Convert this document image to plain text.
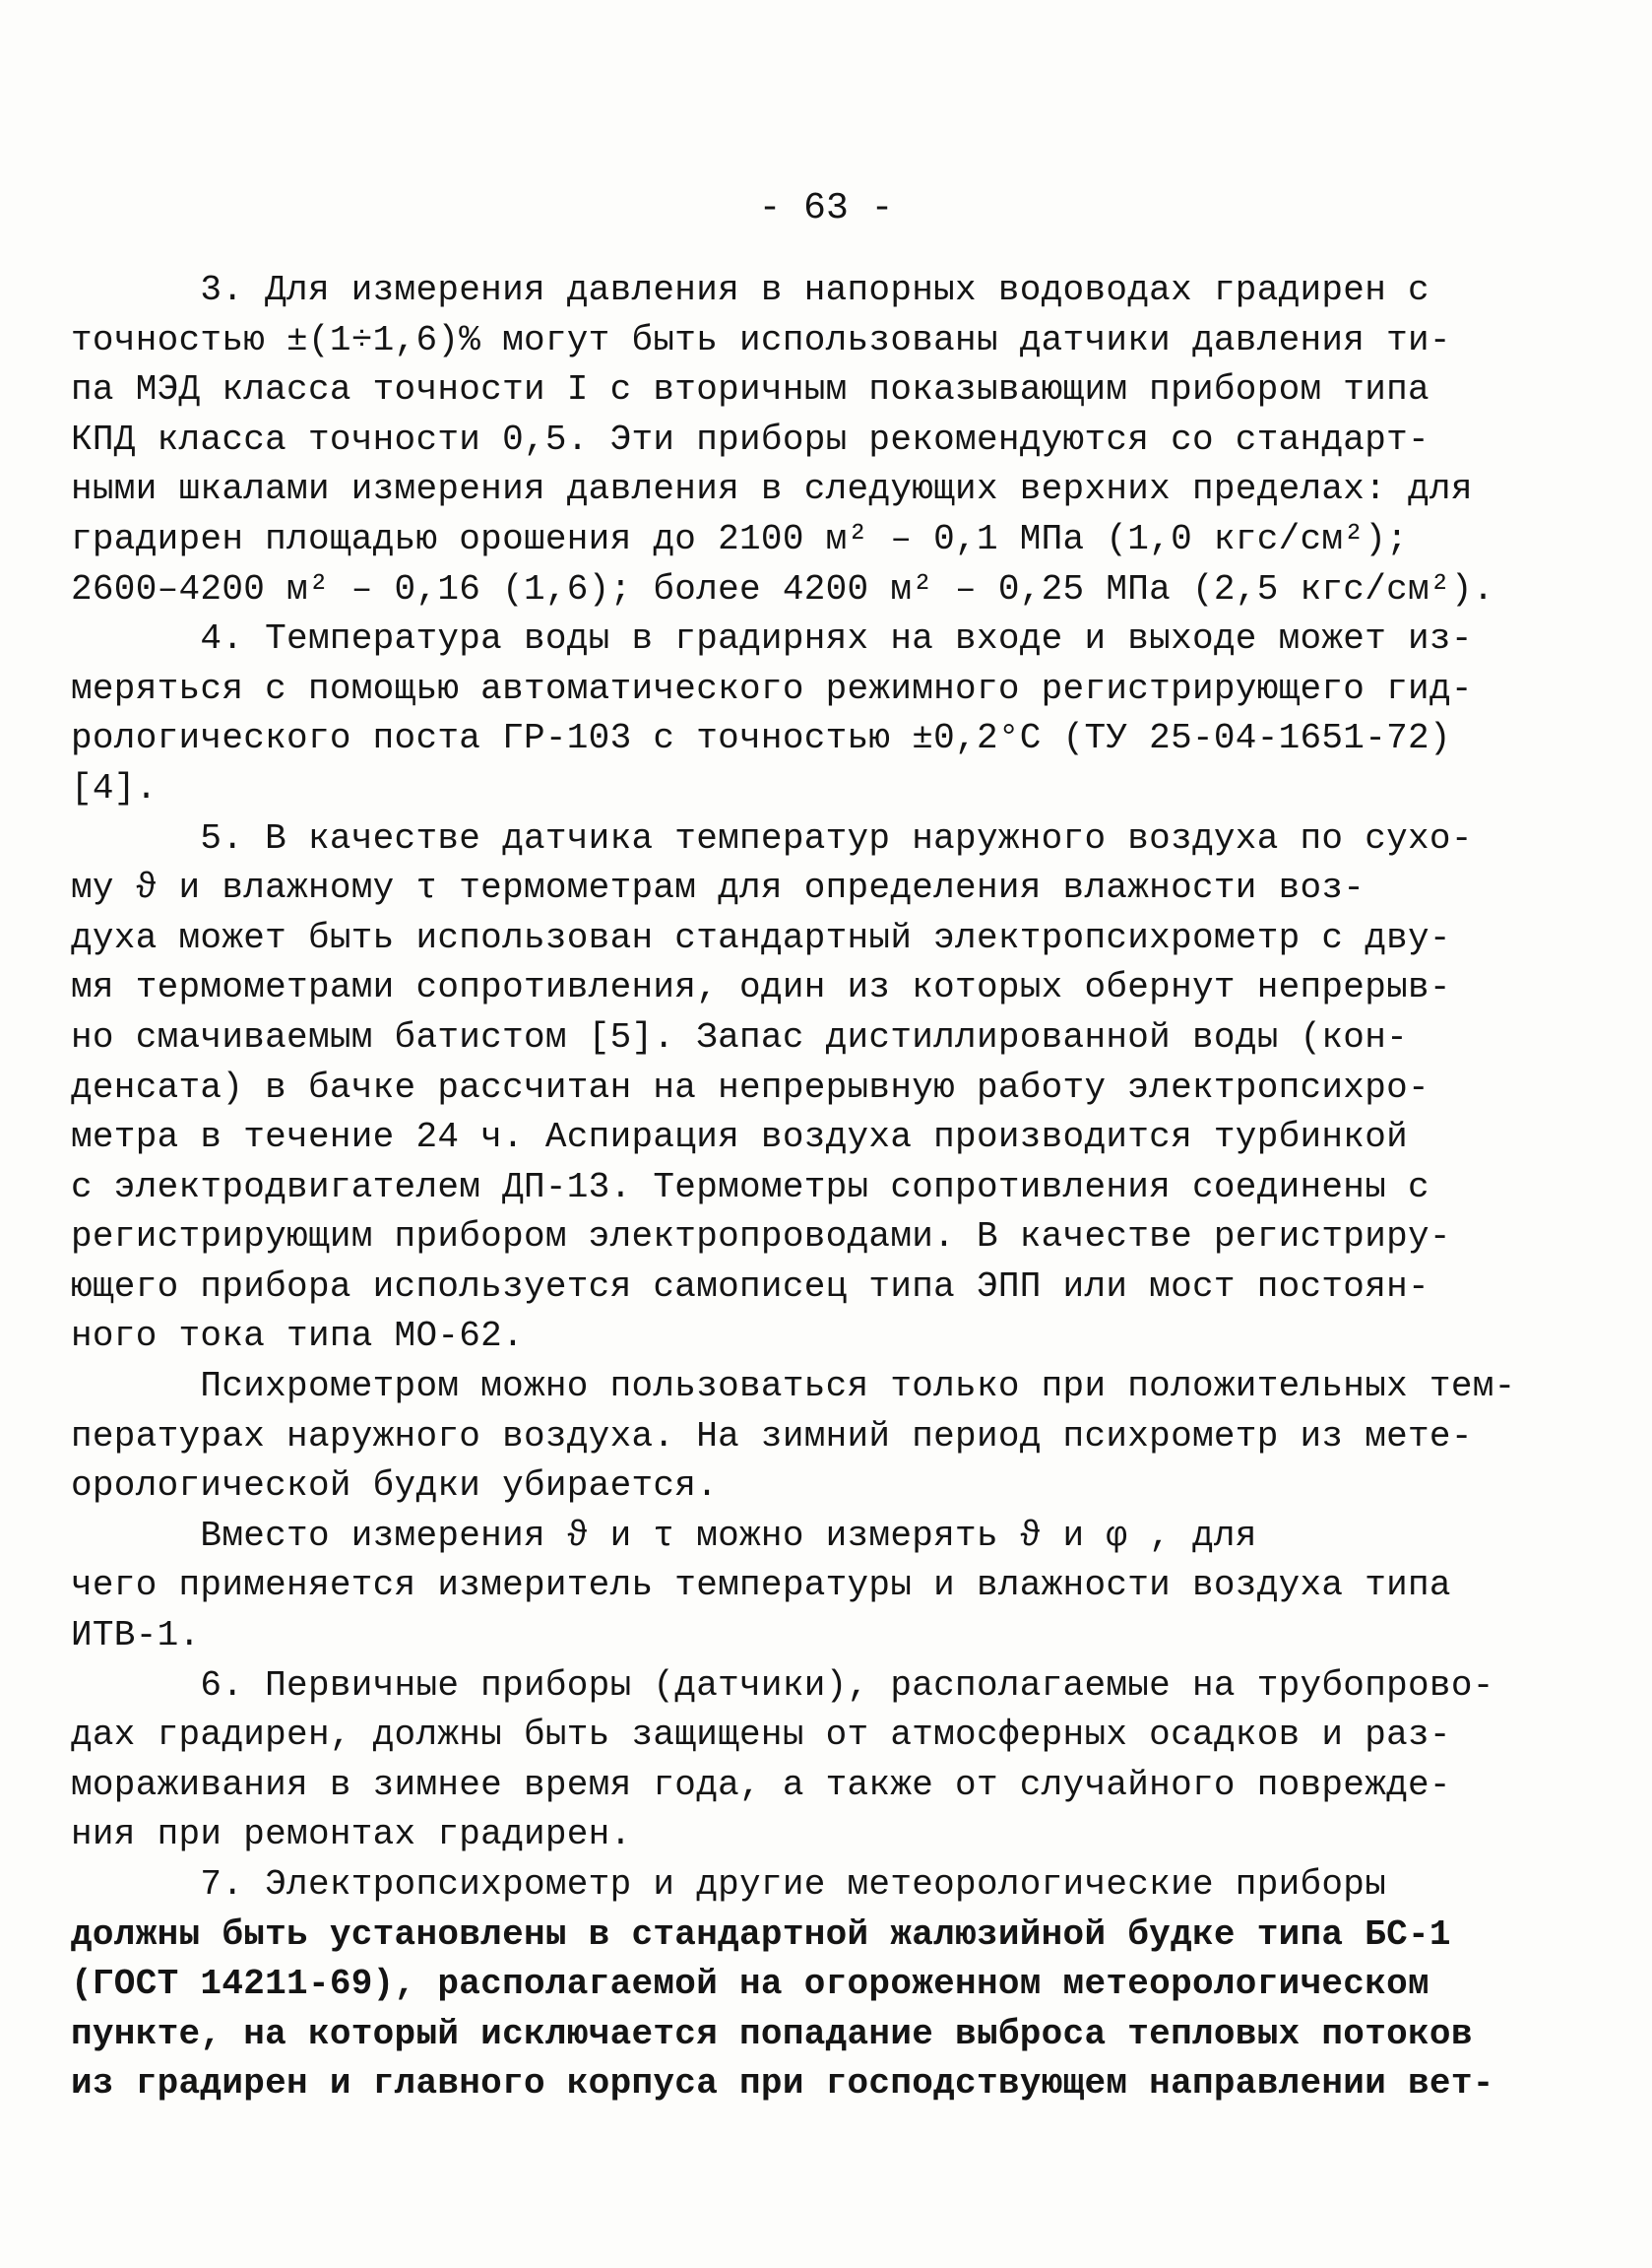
- 63 -
3. Для измерения давления в напорных водоводах градирен с
точностью ±(1÷1,6)% могут быть использованы датчики давления ти-
па МЭД класса точности I с вторичным показывающим прибором типа
КПД класса точности 0,5. Эти приборы рекомендуются со стандарт-
ными шкалами измерения давления в следующих верхних пределах: для
градирен площадью орошения до 2100 м² – 0,1 МПа (1,0 кгс/см²);
2600–4200 м² – 0,16 (1,6); более 4200 м² – 0,25 МПа (2,5 кгс/см²).
4. Температура воды в градирнях на входе и выходе может из-
меряться с помощью автоматического режимного регистрирующего гид-
рологического поста ГР-103 с точностью ±0,2°С (ТУ 25-04-1651-72)
[4].
5. В качестве датчика температур наружного воздуха по сухо-
му ϑ и влажному τ термометрам для определения влажности воз-
духа может быть использован стандартный электропсихрометр с дву-
мя термометрами сопротивления, один из которых обернут непрерыв-
но смачиваемым батистом [5]. Запас дистиллированной воды (кон-
денсата) в бачке рассчитан на непрерывную работу электропсихро-
метра в течение 24 ч. Аспирация воздуха производится турбинкой
с электродвигателем ДП-13. Термометры сопротивления соединены с
регистрирующим прибором электропроводами. В качестве регистриру-
ющего прибора используется самописец типа ЭПП или мост постоян-
ного тока типа МО-62.
Психрометром можно пользоваться только при положительных тем-
пературах наружного воздуха. На зимний период психрометр из мете-
орологической будки убирается.
Вместо измерения ϑ и τ можно измерять ϑ и φ , для
чего применяется измеритель температуры и влажности воздуха типа
ИТВ-1.
6. Первичные приборы (датчики), располагаемые на трубопрово-
дах градирен, должны быть защищены от атмосферных осадков и раз-
мораживания в зимнее время года, а также от случайного поврежде-
ния при ремонтах градирен.
7. Электропсихрометр и другие метеорологические приборы
должны быть установлены в стандартной жалюзийной будке типа БС-1
(ГОСТ 14211-69), располагаемой на огороженном метеорологическом
пункте, на который исключается попадание выброса тепловых потоков
из градирен и главного корпуса при господствующем направлении вет-
